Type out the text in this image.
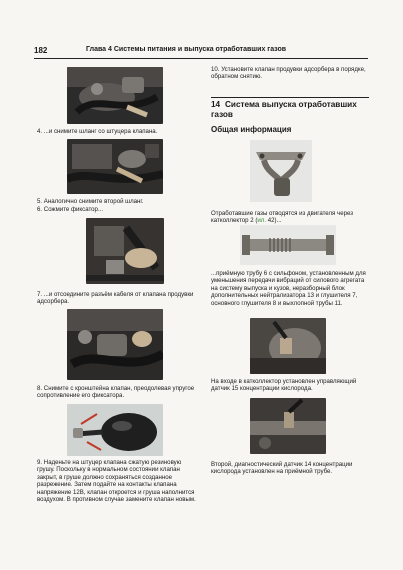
182	Глава 4 Системы питания и выпуска отработавших газов
4. ...и снимите шланг со штуцера клапана.
5. Аналогично снимите второй шланг.
6. Сожмите фиксатор...
7. ...и отсоедините разъём кабеля от клапана продувки адсорбера.
8. Снимите с кронштейна клапан, преодолевая упругое сопротивление его фиксатора.
9. Наденьте на штуцер клапана сжатую резиновую грушу. Поскольку в нормальном состоянии клапан закрыт, в груше должно сохраняться созданное разрежение. Затем подайте на контакты клапана напряжение 12В, клапан откроется и груша наполнится воздухом. В противном случае замените клапан новым.
10. Установите клапан продувки адсорбера в порядке, обратном снятию.
14 Система выпуска отработавших газов
Общая информация
Отработавшие газы отводятся из двигателя через катколлектор 2 (ил. 42)...
...приёмную трубу 6 с сильфоном, установленным для уменьшения передачи вибраций от силового агрегата на систему выпуска и кузов, неразборный блок дополнительных нейтрализатора 13 и глушителя 7, основного глушителя 8 и выхлопной трубы 11.
На входе в катколлектор установлен управляющий датчик 15 концентрации кислорода.
Второй, диагностический датчик 14 концентрации кислорода установлен на приёмной трубе.
